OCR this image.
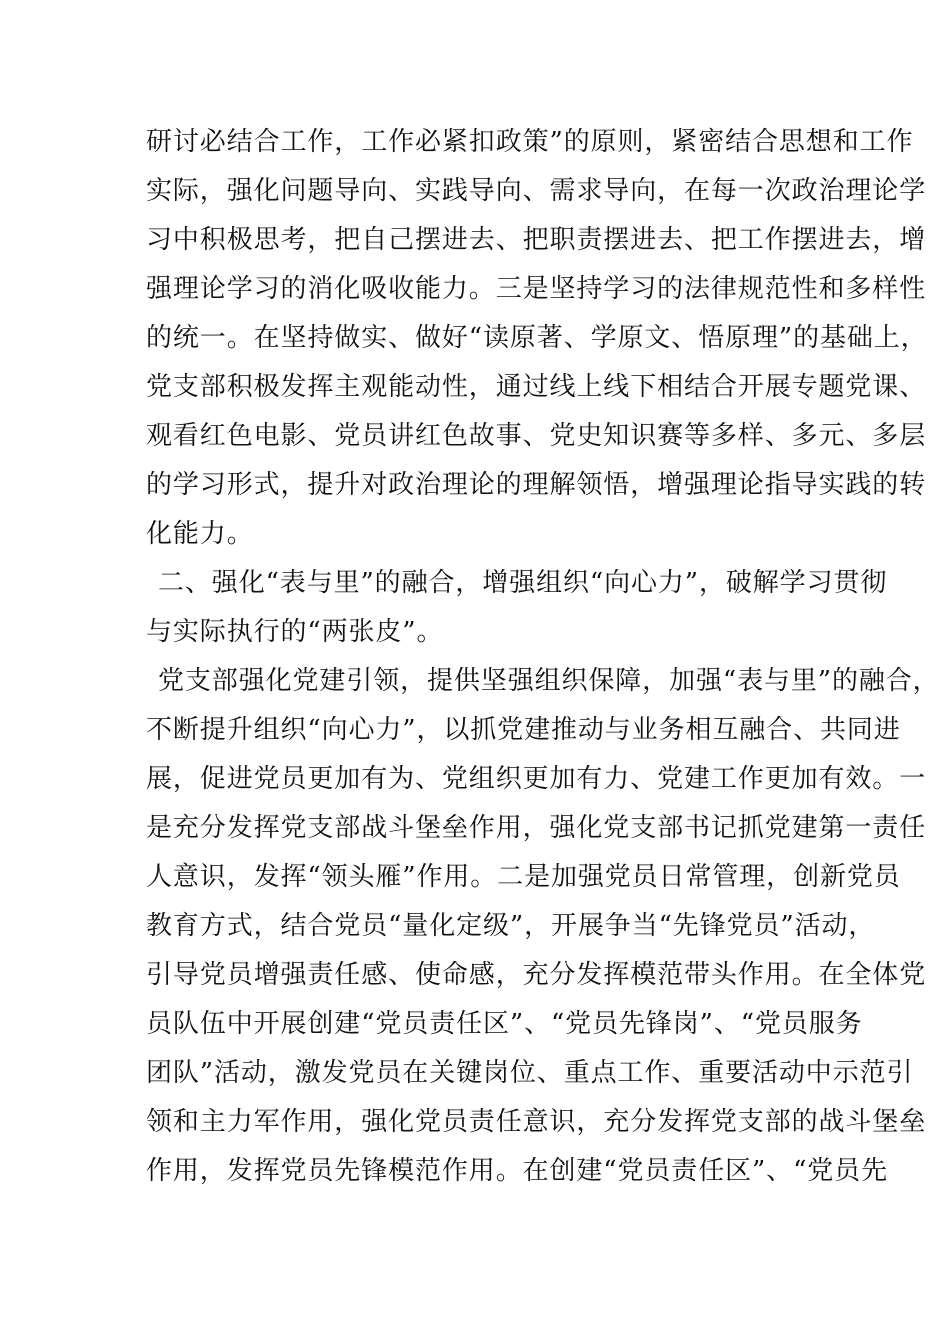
研讨必结合工作，工作必紧扣政策”的原则，紧密结合思想和工作
实际，强化问题导向、实践导向、需求导向，在每一次政治理论学
习中积极思考，把自己摆进去、把职责摆进去、把工作摆进去，增
强理论学习的消化吸收能力。三是坚持学习的法律规范性和多样性
的统一。在坚持做实、做好“读原著、学原文、悟原理”的基础上，
党支部积极发挥主观能动性，通过线上线下相结合开展专题党课、
观看红色电影、党员讲红色故事、党史知识赛等多样、多元、多层
的学习形式，提升对政治理论的理解领悟，增强理论指导实践的转
化能力。
二、强化“表与里”的融合，增强组织“向心力”，破解学习贯彻
与实际执行的“两张皮”。
党支部强化党建引领，提供坚强组织保障，加强“表与里”的融合，
不断提升组织“向心力”，以抓党建推动与业务相互融合、共同进
展，促进党员更加有为、党组织更加有力、党建工作更加有效。一
是充分发挥党支部战斗堡垒作用，强化党支部书记抓党建第一责任
人意识，发挥“领头雁”作用。二是加强党员日常管理，创新党员
教育方式，结合党员“量化定级”，开展争当“先锋党员”活动，
引导党员增强责任感、使命感，充分发挥模范带头作用。在全体党
员队伍中开展创建“党员责任区”、“党员先锋岗”、“党员服务
团队”活动，激发党员在关键岗位、重点工作、重要活动中示范引
领和主力军作用，强化党员责任意识，充分发挥党支部的战斗堡垒
作用，发挥党员先锋模范作用。在创建“党员责任区”、“党员先
